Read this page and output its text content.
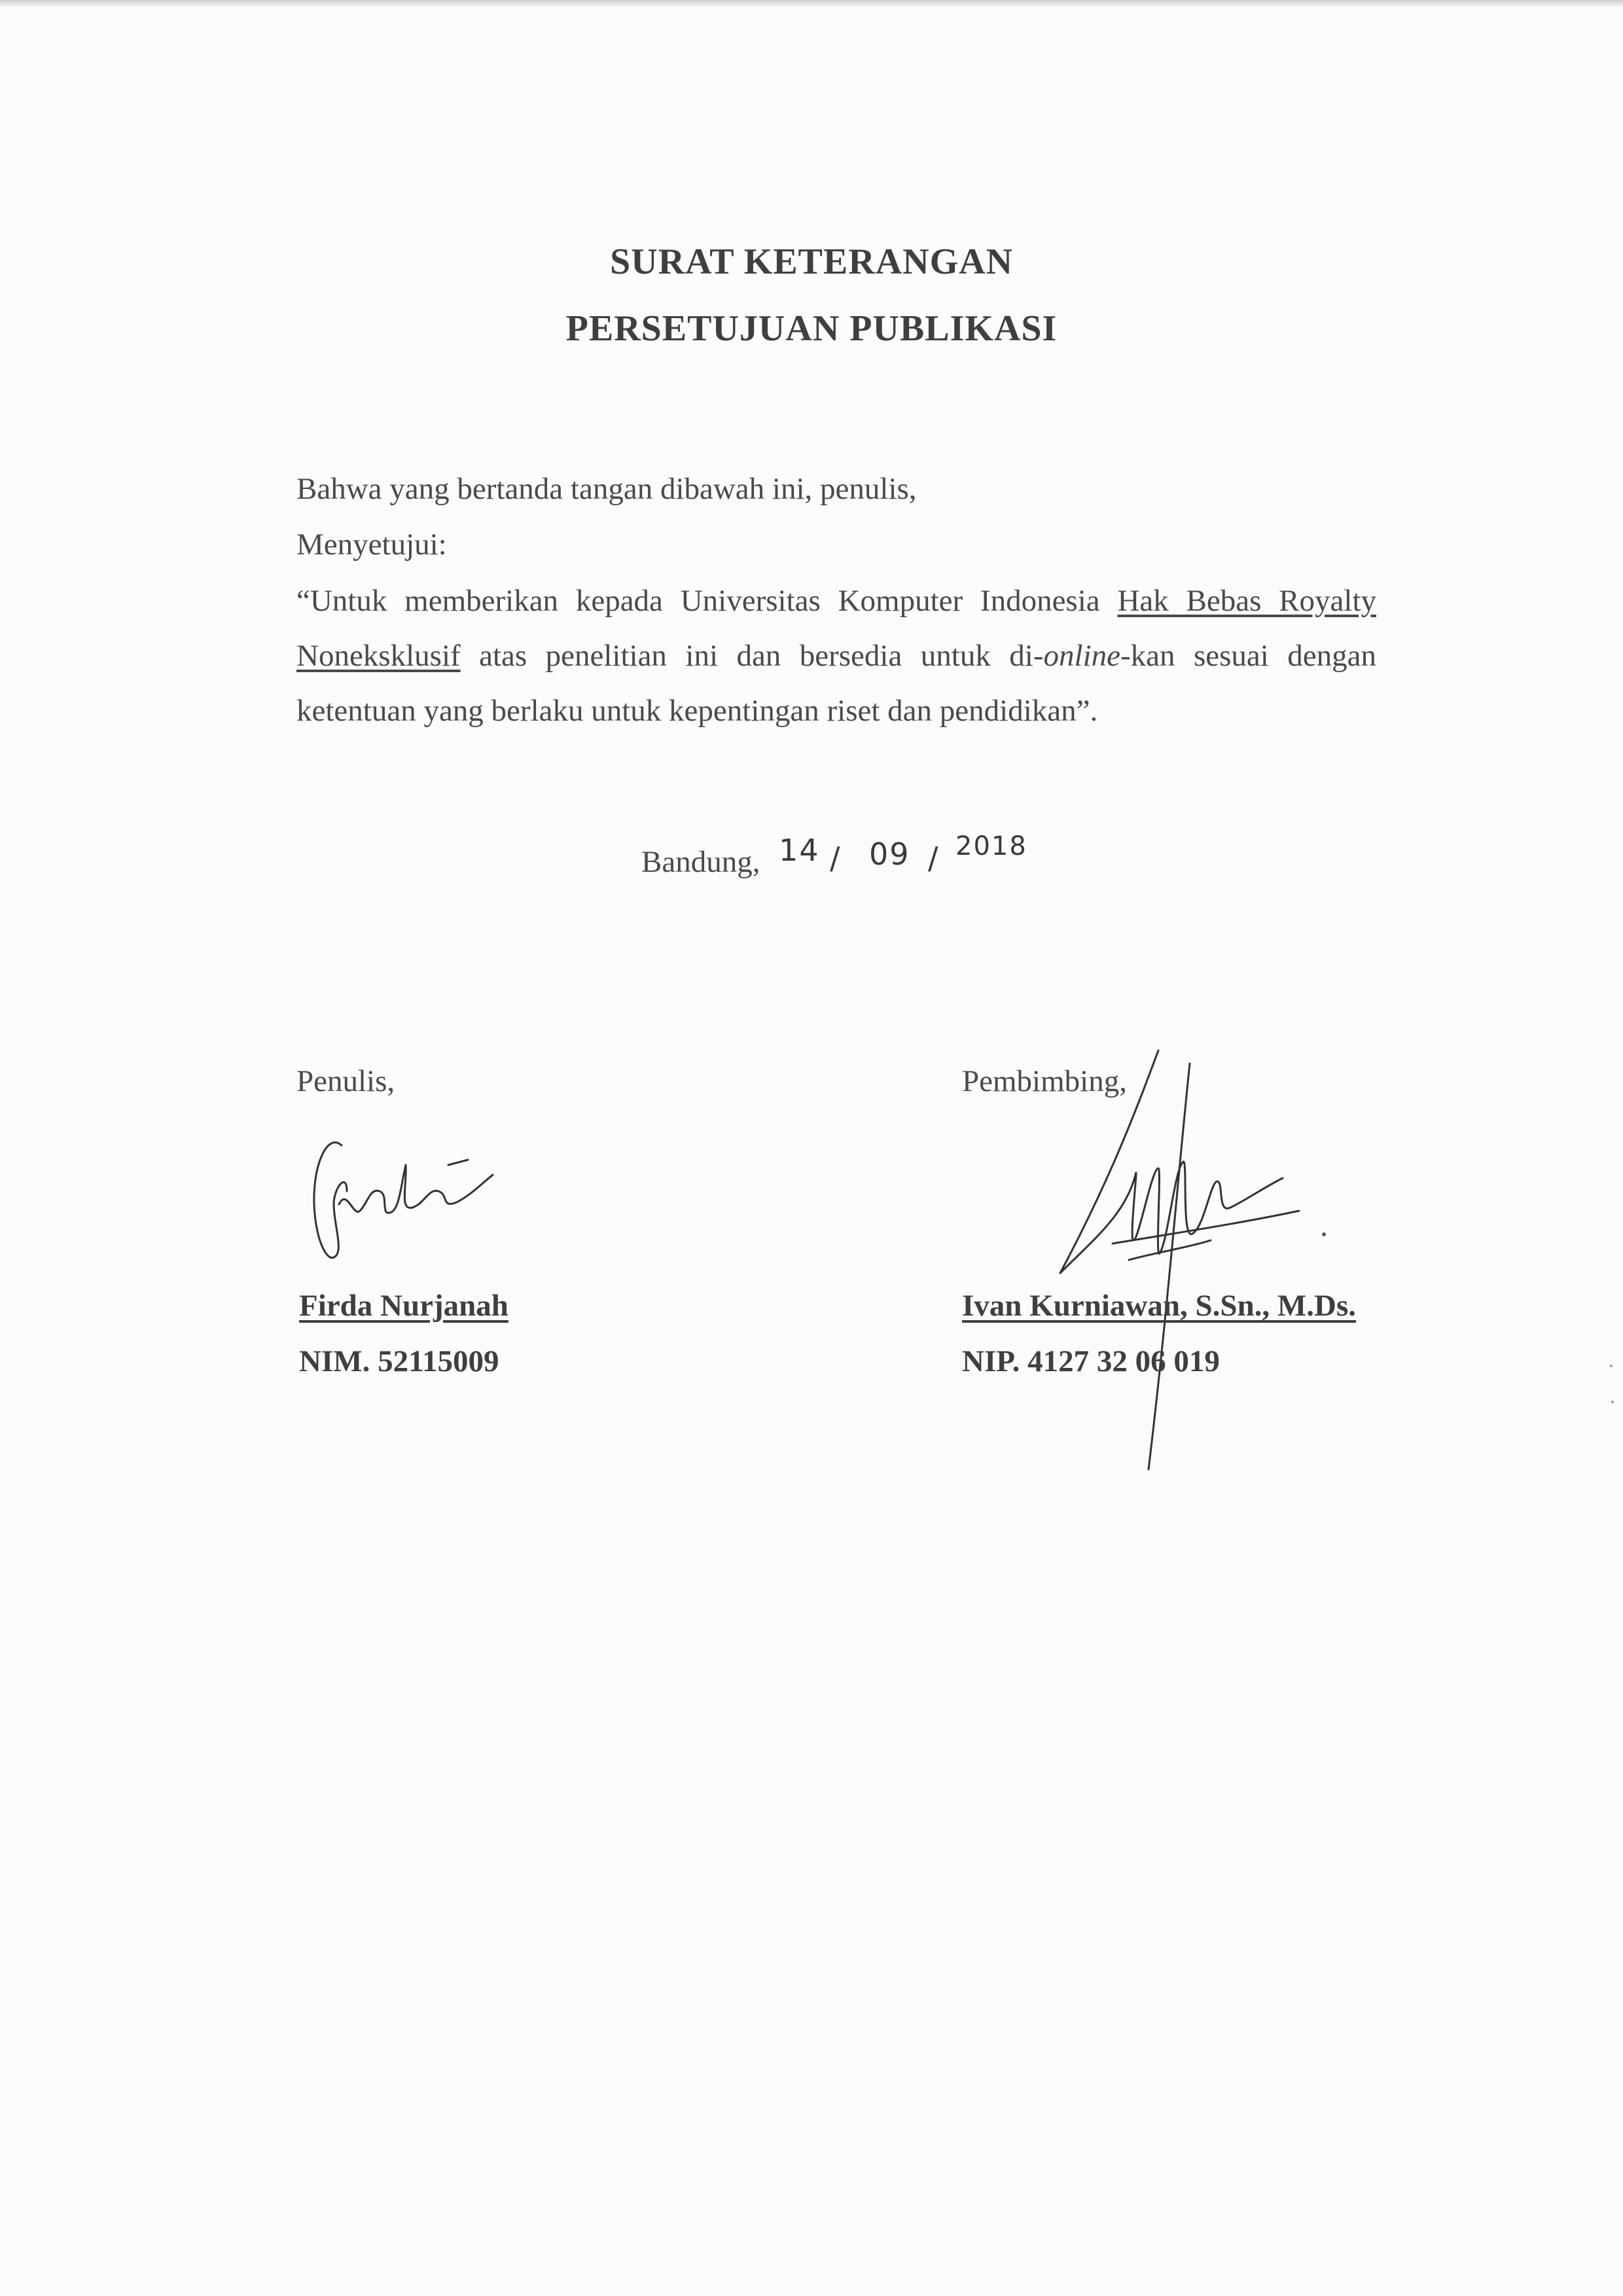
SURAT KETERANGAN
PERSETUJUAN PUBLIKASI
Bahwa yang bertanda tangan dibawah ini, penulis,
Menyetujui:
“Untuk memberikan kepada Universitas Komputer Indonesia Hak Bebas Royalty Noneksklusif atas penelitian ini dan bersedia untuk di-online-kan sesuai dengan ketentuan yang berlaku untuk kepentingan riset dan pendidikan”.
Bandung, 14 / 09 / 2018
Penulis,	Pembimbing,
Firda Nurjanah	Ivan Kurniawan, S.Sn., M.Ds.
NIM. 52115009	NIP. 4127 32 06 019
